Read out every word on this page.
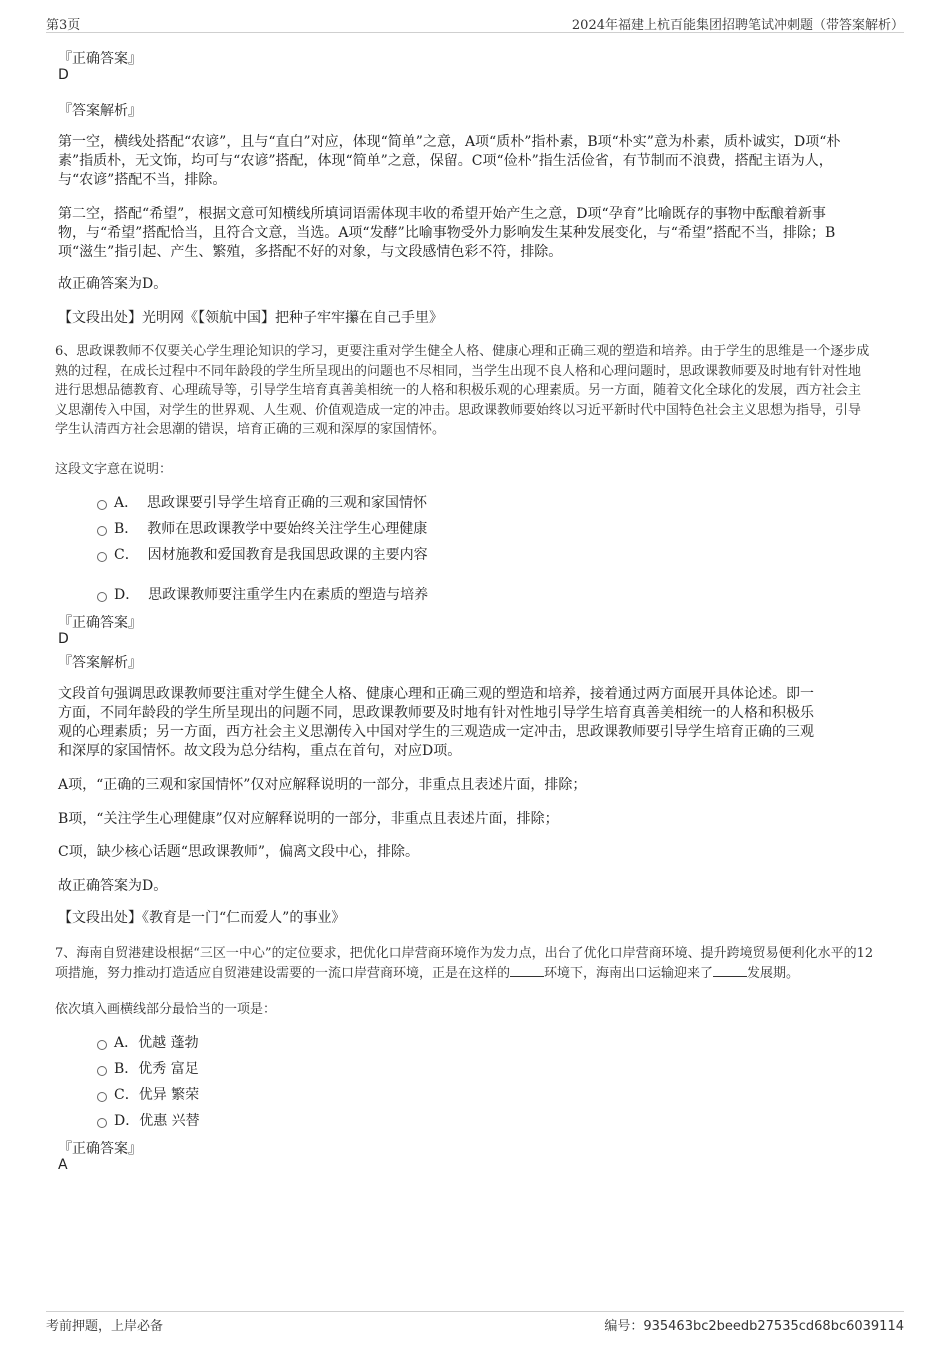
第3页	2024年福建上杭百能集团招聘笔试冲刺题（带答案解析）
『正确答案』
D
『答案解析』
第一空，横线处搭配“农谚”，且与“直白”对应，体现“简单”之意，A项“质朴”指朴素，B项“朴实”意为朴素，质朴诚实，D项“朴
素”指质朴，无文饰，均可与“农谚”搭配，体现“简单”之意，保留。C项“俭朴”指生活俭省，有节制而不浪费，搭配主语为人，
与“农谚”搭配不当，排除。
第二空，搭配“希望”，根据文意可知横线所填词语需体现丰收的希望开始产生之意，D项“孕育”比喻既存的事物中酝酿着新事
物，与“希望”搭配恰当，且符合文意，当选。A项“发酵”比喻事物受外力影响发生某种发展变化，与“希望”搭配不当，排除；B
项“滋生”指引起、产生、繁殖，多搭配不好的对象，与文段感情色彩不符，排除。
故正确答案为D。
【文段出处】光明网《【领航中国】把种子牢牢攥在自己手里》
6、思政课教师不仅要关心学生理论知识的学习，更要注重对学生健全人格、健康心理和正确三观的塑造和培养。由于学生的思维是一个逐步成
熟的过程，在成长过程中不同年龄段的学生所呈现出的问题也不尽相同，当学生出现不良人格和心理问题时，思政课教师要及时地有针对性地
进行思想品德教育、心理疏导等，引导学生培育真善美相统一的人格和积极乐观的心理素质。另一方面，随着文化全球化的发展，西方社会主
义思潮传入中国，对学生的世界观、人生观、价值观造成一定的冲击。思政课教师要始终以习近平新时代中国特色社会主义思想为指导，引导
学生认清西方社会思潮的错误，培育正确的三观和深厚的家国情怀。
这段文字意在说明：
A． 思政课要引导学生培育正确的三观和家国情怀
B． 教师在思政课教学中要始终关注学生心理健康
C． 因材施教和爱国教育是我国思政课的主要内容
D． 思政课教师要注重学生内在素质的塑造与培养
『正确答案』
D
『答案解析』
文段首句强调思政课教师要注重对学生健全人格、健康心理和正确三观的塑造和培养，接着通过两方面展开具体论述。即一
方面，不同年龄段的学生所呈现出的问题不同，思政课教师要及时地有针对性地引导学生培育真善美相统一的人格和积极乐
观的心理素质；另一方面，西方社会主义思潮传入中国对学生的三观造成一定冲击，思政课教师要引导学生培育正确的三观
和深厚的家国情怀。故文段为总分结构，重点在首句，对应D项。
A项，“正确的三观和家国情怀”仅对应解释说明的一部分，非重点且表述片面，排除；
B项，“关注学生心理健康”仅对应解释说明的一部分，非重点且表述片面，排除；
C项，缺少核心话题“思政课教师”，偏离文段中心，排除。
故正确答案为D。
【文段出处】《教育是一门“仁而爱人”的事业》
7、海南自贸港建设根据“三区一中心”的定位要求，把优化口岸营商环境作为发力点，出台了优化口岸营商环境、提升跨境贸易便利化水平的12
项措施，努力推动打造适应自贸港建设需要的一流口岸营商环境，正是在这样的	环境下，海南出口运输迎来了	发展期。
依次填入画横线部分最恰当的一项是：
A．优越 蓬勃
B．优秀 富足
C．优异 繁荣
D．优惠 兴替
『正确答案』
A
考前押题，上岸必备	编号：935463bc2beedb27535cd68bc6039114
